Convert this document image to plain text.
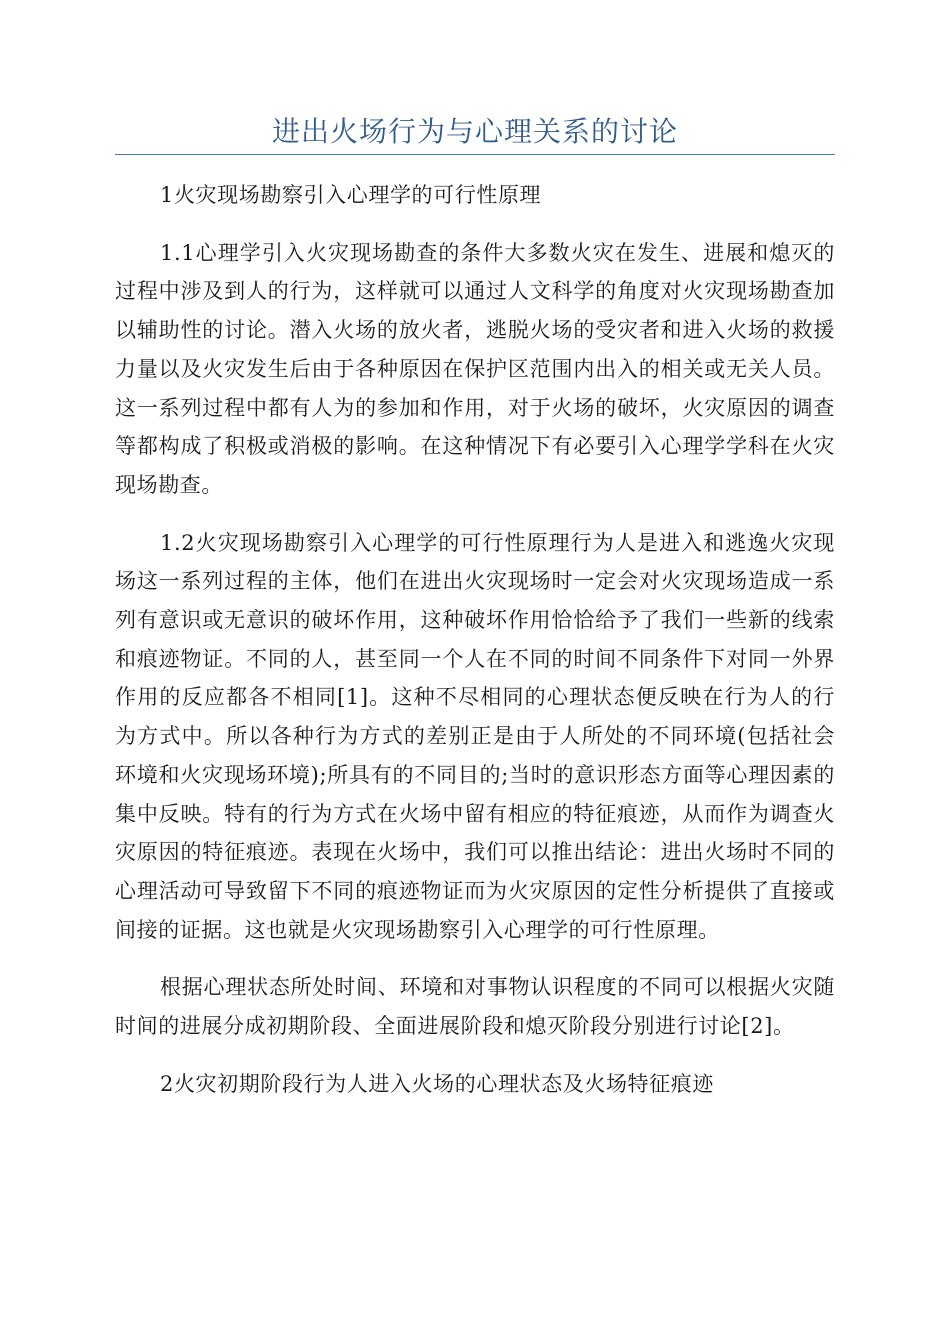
进出火场行为与心理关系的讨论

1火灾现场勘察引入心理学的可行性原理

1.1心理学引入火灾现场勘查的条件大多数火灾在发生、进展和熄灭的过程中涉及到人的行为，这样就可以通过人文科学的角度对火灾现场勘查加以辅助性的讨论。潜入火场的放火者，逃脱火场的受灾者和进入火场的救援力量以及火灾发生后由于各种原因在保护区范围内出入的相关或无关人员。这一系列过程中都有人为的参加和作用，对于火场的破坏，火灾原因的调查等都构成了积极或消极的影响。在这种情况下有必要引入心理学学科在火灾现场勘查。

1.2火灾现场勘察引入心理学的可行性原理行为人是进入和逃逸火灾现场这一系列过程的主体，他们在进出火灾现场时一定会对火灾现场造成一系列有意识或无意识的破坏作用，这种破坏作用恰恰给予了我们一些新的线索和痕迹物证。不同的人，甚至同一个人在不同的时间不同条件下对同一外界作用的反应都各不相同[1]。这种不尽相同的心理状态便反映在行为人的行为方式中。所以各种行为方式的差别正是由于人所处的不同环境(包括社会环境和火灾现场环境);所具有的不同目的;当时的意识形态方面等心理因素的集中反映。特有的行为方式在火场中留有相应的特征痕迹，从而作为调查火灾原因的特征痕迹。表现在火场中，我们可以推出结论：进出火场时不同的心理活动可导致留下不同的痕迹物证而为火灾原因的定性分析提供了直接或间接的证据。这也就是火灾现场勘察引入心理学的可行性原理。

根据心理状态所处时间、环境和对事物认识程度的不同可以根据火灾随时间的进展分成初期阶段、全面进展阶段和熄灭阶段分别进行讨论[2]。

2火灾初期阶段行为人进入火场的心理状态及火场特征痕迹
